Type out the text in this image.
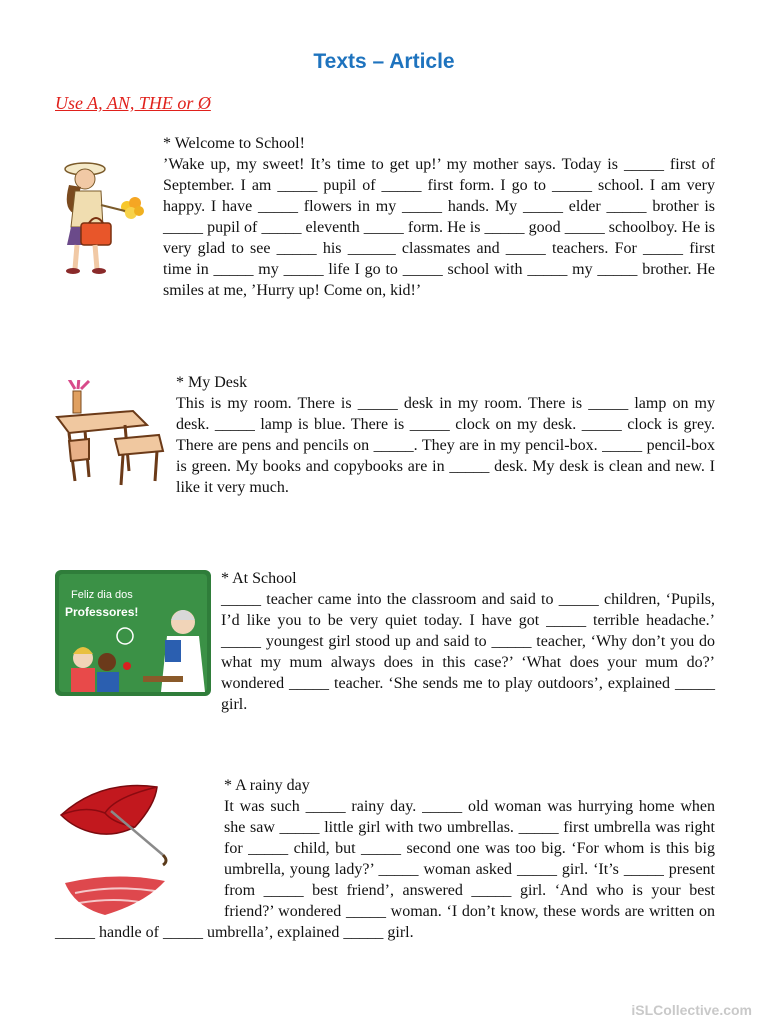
Texts – Article
Use A, AN, THE or Ø
* Welcome to School!

’Wake up, my sweet! It’s time to get up!’ my mother says. Today is _____ first of September. I am _____ pupil of _____ first form. I go to _____ school. I am very happy. I have _____ flowers in my _____ hands. My _____ elder _____ brother is _____ pupil of _____ eleventh _____ form. He is _____ good _____ schoolboy. He is very glad to see _____ his ______ classmates and _____ teachers. For _____ first time in _____ my _____ life I go to _____ school with _____ my _____ brother. He smiles at me, ’Hurry up! Come on, kid!’

* My Desk

This is my room. There is _____ desk in my room. There is _____ lamp on my desk. _____ lamp is blue. There is _____ clock on my desk. _____ clock is grey. There are pens and pencils on _____. They are in my pencil-box. _____ pencil-box is green. My books and copybooks are in _____ desk. My desk is clean and new. I like it very much.

Feliz dia dos
Professores!
* At School

_____ teacher came into the classroom and said to _____ children, ‘Pupils, I’d like you to be very quiet today. I have got _____ terrible headache.’ _____ youngest girl stood up and said to _____ teacher, ‘Why don’t you do what my mum always does in this case?’ ‘What does your mum do?’ wondered _____ teacher. ‘She sends me to play outdoors’, explained _____ girl.

* A rainy day

It was such _____ rainy day. _____ old woman was hurrying home when she saw _____ little girl with two umbrellas. _____ first umbrella was right for _____ child, but _____ second one was too big. ‘For whom is this big umbrella, young lady?’ _____ woman asked _____ girl. ‘It’s _____ present from _____ best friend’, answered _____ girl. ‘And who is your best friend?’ wondered _____ woman. ‘I don’t know, these words are written on _____ handle of _____ umbrella’, explained _____ girl.

iSLCollective.com
